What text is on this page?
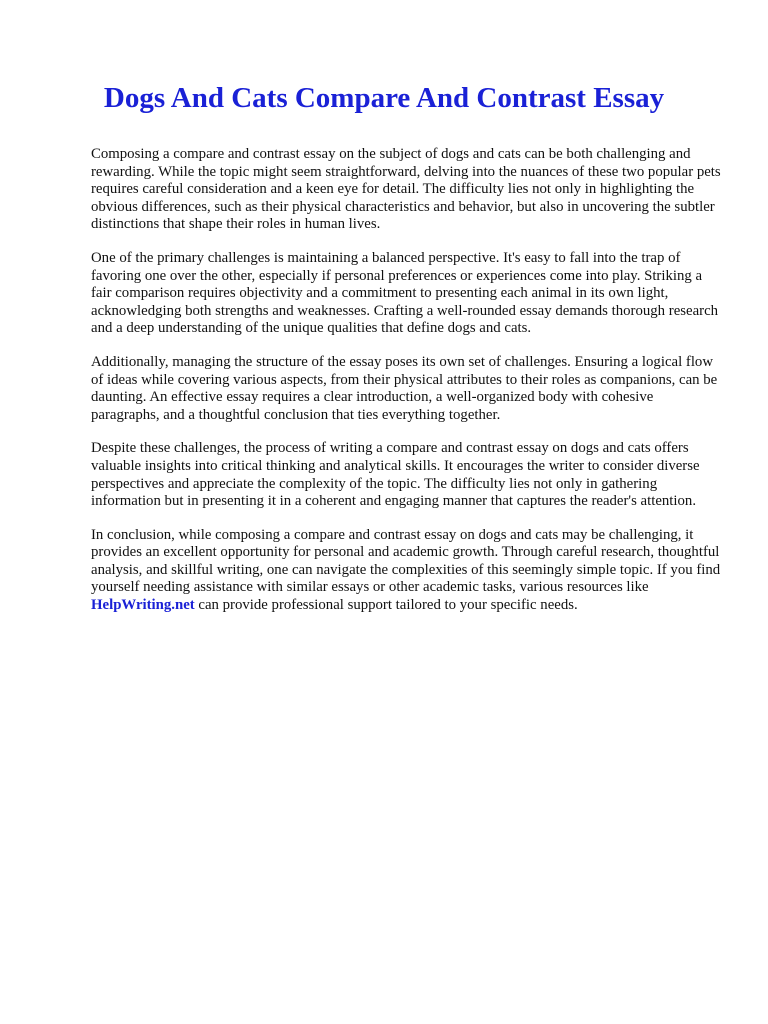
Dogs And Cats Compare And Contrast Essay

Composing a compare and contrast essay on the subject of dogs and cats can be both challenging and rewarding. While the topic might seem straightforward, delving into the nuances of these two popular pets requires careful consideration and a keen eye for detail. The difficulty lies not only in highlighting the obvious differences, such as their physical characteristics and behavior, but also in uncovering the subtler distinctions that shape their roles in human lives.

One of the primary challenges is maintaining a balanced perspective. It's easy to fall into the trap of favoring one over the other, especially if personal preferences or experiences come into play. Striking a fair comparison requires objectivity and a commitment to presenting each animal in its own light, acknowledging both strengths and weaknesses. Crafting a well-rounded essay demands thorough research and a deep understanding of the unique qualities that define dogs and cats.

Additionally, managing the structure of the essay poses its own set of challenges. Ensuring a logical flow of ideas while covering various aspects, from their physical attributes to their roles as companions, can be daunting. An effective essay requires a clear introduction, a well-organized body with cohesive paragraphs, and a thoughtful conclusion that ties everything together.

Despite these challenges, the process of writing a compare and contrast essay on dogs and cats offers valuable insights into critical thinking and analytical skills. It encourages the writer to consider diverse perspectives and appreciate the complexity of the topic. The difficulty lies not only in gathering information but in presenting it in a coherent and engaging manner that captures the reader's attention.

In conclusion, while composing a compare and contrast essay on dogs and cats may be challenging, it provides an excellent opportunity for personal and academic growth. Through careful research, thoughtful analysis, and skillful writing, one can navigate the complexities of this seemingly simple topic. If you find yourself needing assistance with similar essays or other academic tasks, various resources like HelpWriting.net can provide professional support tailored to your specific needs.
